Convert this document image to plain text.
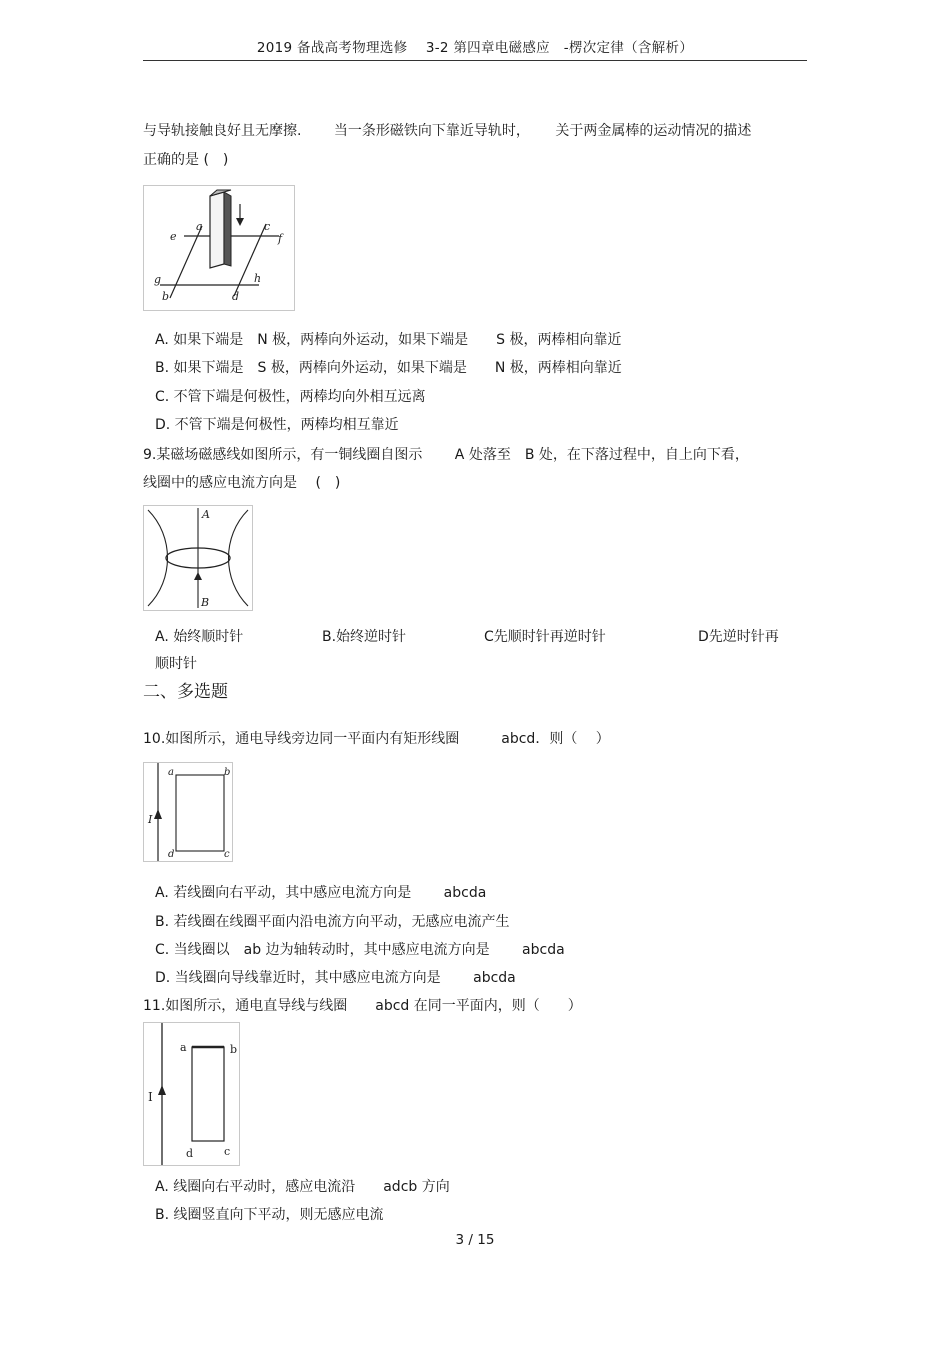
2019 备战高考物理选修　 3-2 第四章电磁感应　-楞次定律（含解析）
与导轨接触良好且无摩擦.　　 当一条形磁铁向下靠近导轨时，　　 关于两金属棒的运动情况的描述
正确的是 (　)
a
e
c
f
g	h
b	d
A. 如果下端是　N 极，两棒向外运动，如果下端是　　S 极，两棒相向靠近
B. 如果下端是　S 极，两棒向外运动，如果下端是　　N 极，两棒相向靠近
C. 不管下端是何极性，两棒均向外相互远离
D. 不管下端是何极性，两棒均相互靠近
9.某磁场磁感线如图所示，有一铜线圈自图示　　 A 处落至　B 处，在下落过程中，自上向下看，
线圈中的感应电流方向是　 (　)
A
B
A. 始终顺时针	B.始终逆时针	C先顺时针再逆时针	D先逆时针再
顺时针
二、多选题
10.如图所示，通电导线旁边同一平面内有矩形线圈　　　abcd．则（　 ）
I
a	b
c
d
A. 若线圈向右平动，其中感应电流方向是　　 abcda
B. 若线圈在线圈平面内沿电流方向平动，无感应电流产生
C. 当线圈以　ab 边为轴转动时，其中感应电流方向是　　 abcda
D. 当线圈向导线靠近时，其中感应电流方向是　　 abcda
11.如图所示，通电直导线与线圈　　abcd 在同一平面内，则（　　）
I
a	b
c
d
A. 线圈向右平动时，感应电流沿　　adcb 方向
B. 线圈竖直向下平动，则无感应电流
3 / 15
